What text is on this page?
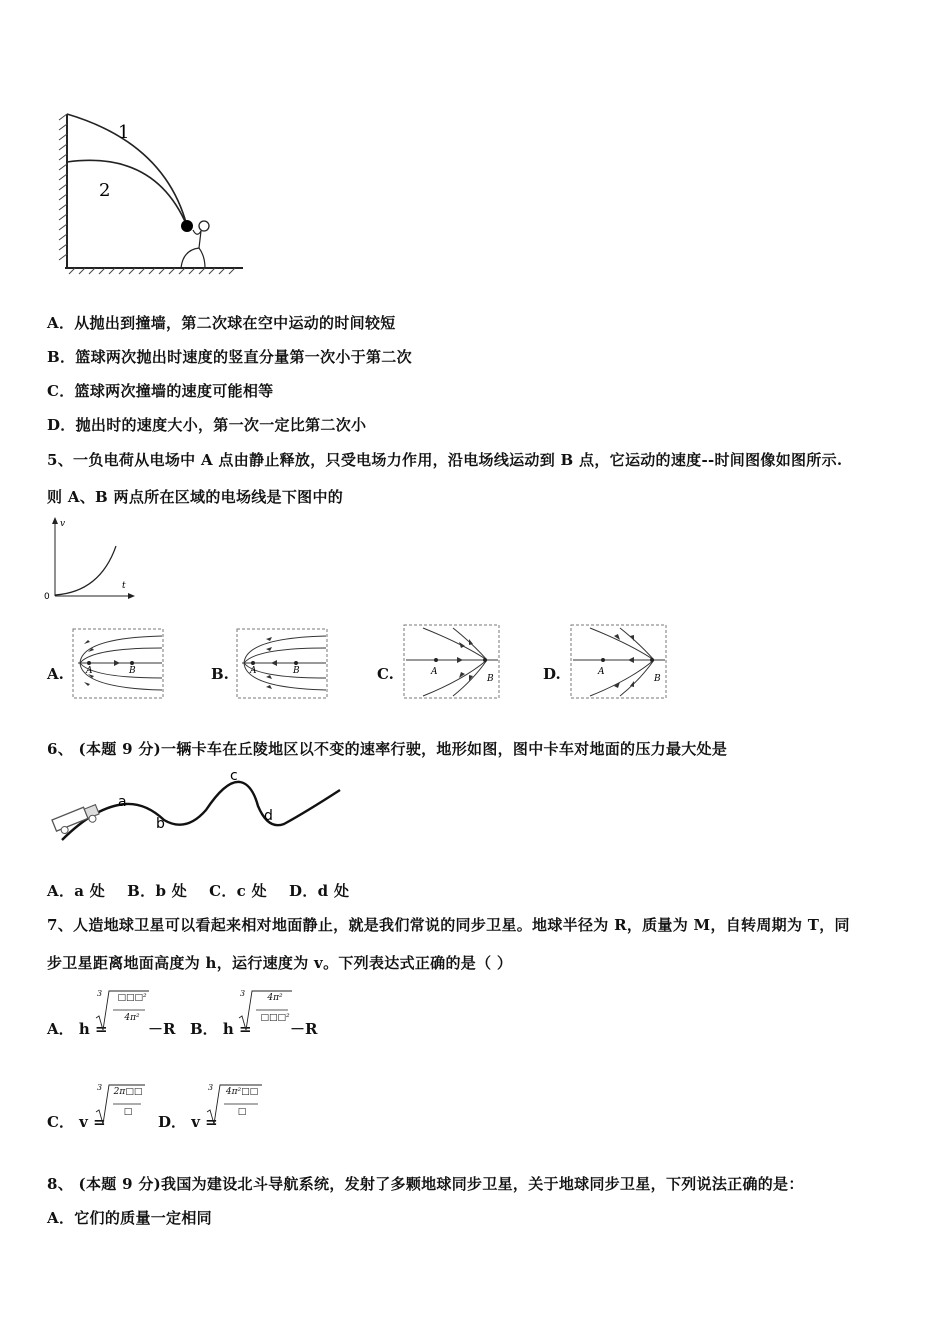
1
2
A．从抛出到撞墙，第二次球在空中运动的时间较短
B．篮球两次抛出时速度的竖直分量第一次小于第二次
C．篮球两次撞墙的速度可能相等
D．抛出时的速度大小，第一次一定比第二次小
5、一负电荷从电场中 A 点由静止释放，只受电场力作用，沿电场线运动到 B 点，它运动的速度--时间图像如图所示.
则 A、B 两点所在区域的电场线是下图中的
v
t
0
A. A	B	B. A	B	C.	A
B	D.	A
B
6、 (本题 9 分)一辆卡车在丘陵地区以不变的速率行驶，地形如图，图中卡车对地面的压力最大处是
a
b
c
d
A．a 处    B．b 处    C．c 处    D．d 处
7、人造地球卫星可以看起来相对地面静止，就是我们常说的同步卫星。地球半径为 R，质量为 M，自转周期为 T，同
步卫星距离地面高度为 h，运行速度为 v。下列表达式正确的是（ ）
A． h =
3	□□□²
4π²
－R B． h =
3	4π²
□□□²
－R
C． v =
3 2π□□
□
D． v =
3	4π²□□
□
8、 (本题 9 分)我国为建设北斗导航系统，发射了多颗地球同步卫星，关于地球同步卫星，下列说法正确的是：
A．它们的质量一定相同
